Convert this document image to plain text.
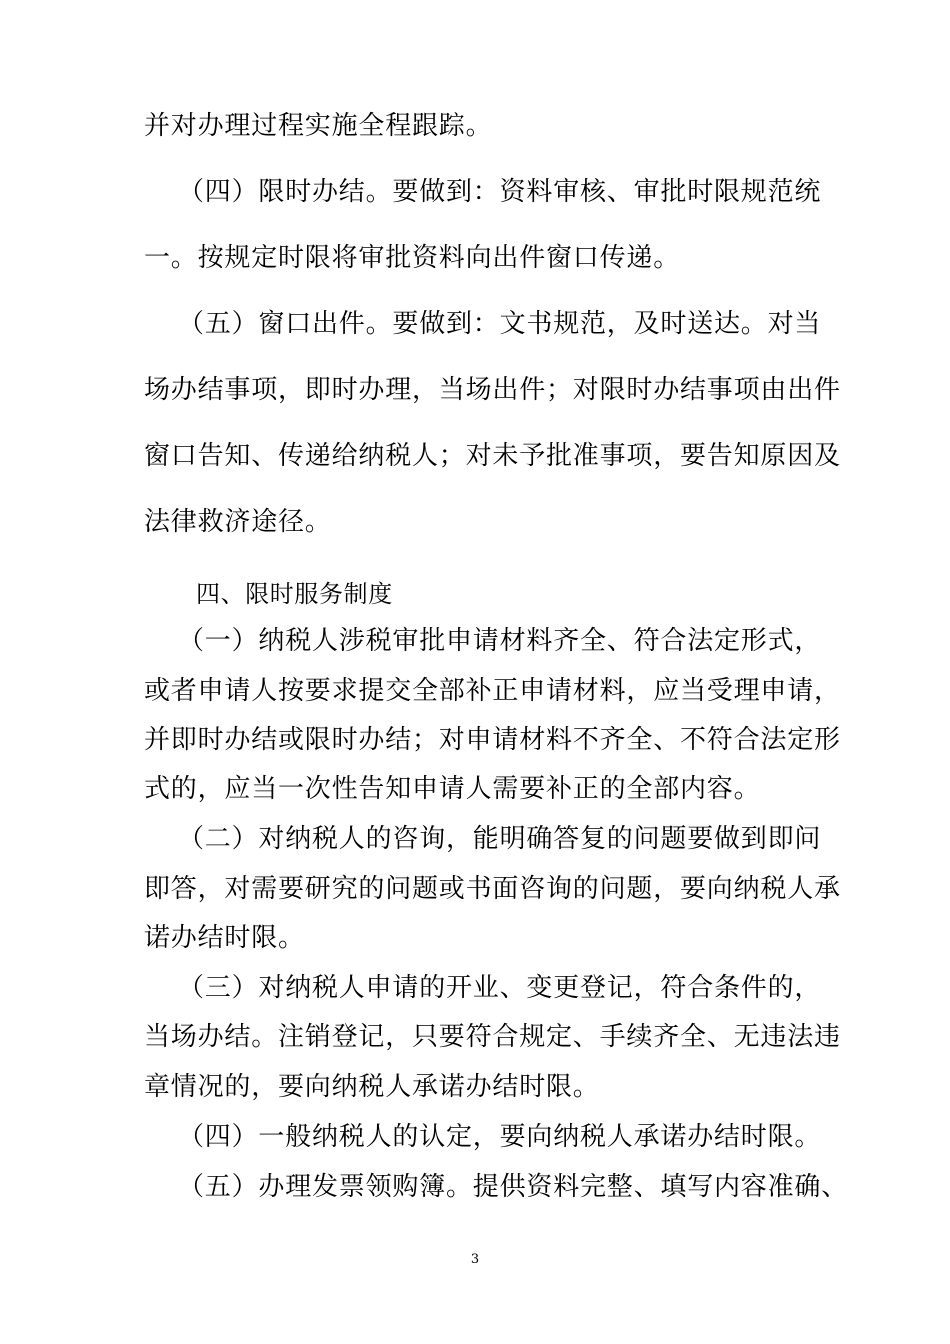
并对办理过程实施全程跟踪。

（四）限时办结。要做到：资料审核、审批时限规范统

一。按规定时限将审批资料向出件窗口传递。

（五）窗口出件。要做到：文书规范，及时送达。对当

场办结事项，即时办理，当场出件；对限时办结事项由出件

窗口告知、传递给纳税人；对未予批准事项，要告知原因及

法律救济途径。

四、限时服务制度

（一）纳税人涉税审批申请材料齐全、符合法定形式，

或者申请人按要求提交全部补正申请材料，应当受理申请，

并即时办结或限时办结；对申请材料不齐全、不符合法定形

式的，应当一次性告知申请人需要补正的全部内容。

（二）对纳税人的咨询，能明确答复的问题要做到即问

即答，对需要研究的问题或书面咨询的问题，要向纳税人承

诺办结时限。

（三）对纳税人申请的开业、变更登记，符合条件的，

当场办结。注销登记，只要符合规定、手续齐全、无违法违

章情况的，要向纳税人承诺办结时限。

（四）一般纳税人的认定，要向纳税人承诺办结时限。

（五）办理发票领购簿。提供资料完整、填写内容准确、

3
